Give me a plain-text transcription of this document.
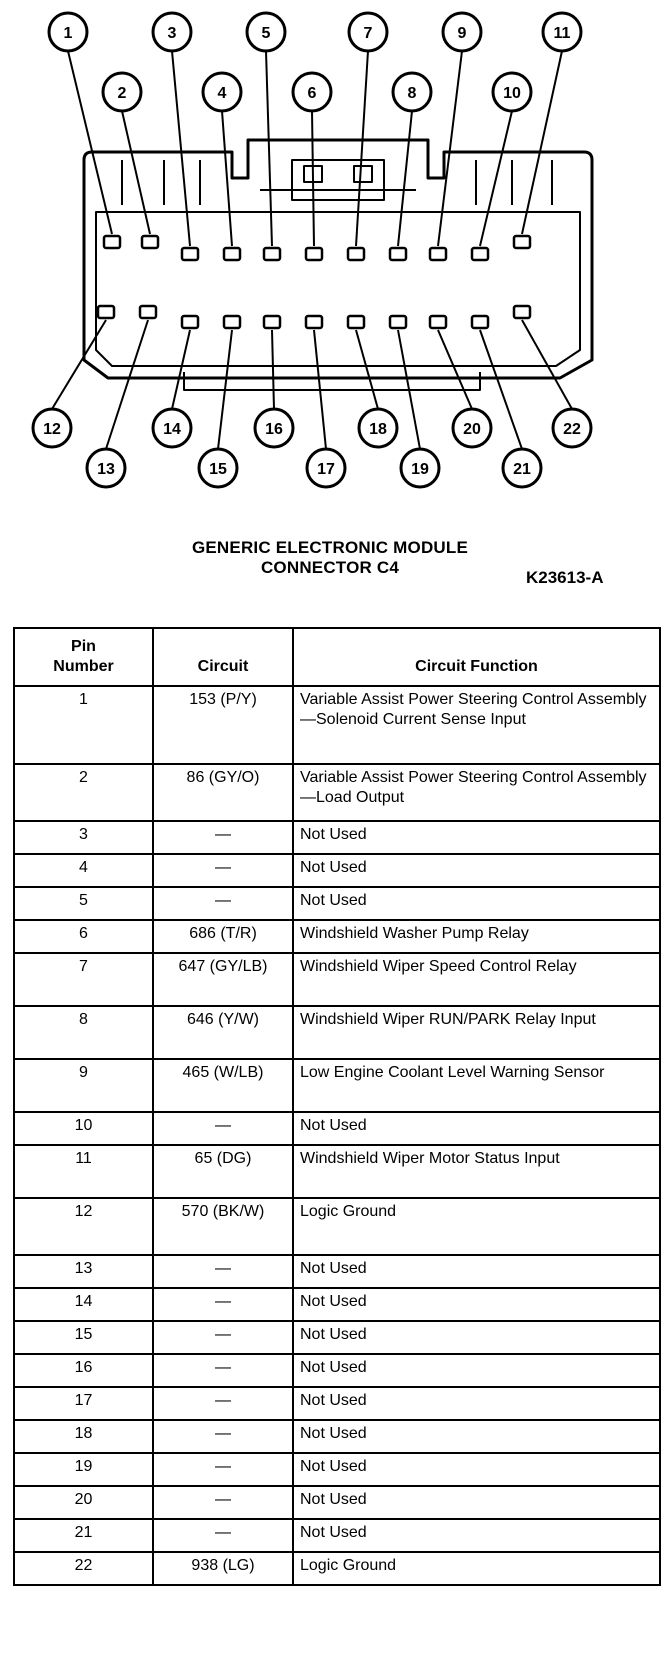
1
2
3
4
5
6
7
8
9
10
11
12
13
14
15
16
17
18
19
20
21
22
GENERIC ELECTRONIC MODULE
CONNECTOR C4
K23613-A
Pin
Number	Circuit	Circuit Function
1	153 (P/Y)	Variable Assist Power Steering Control Assembly—Solenoid Current Sense Input
2	86 (GY/O)	Variable Assist Power Steering Control Assembly—Load Output
3	—	Not Used
4	—	Not Used
5	—	Not Used
6	686 (T/R)	Windshield Washer Pump Relay
7	647 (GY/LB)	Windshield Wiper Speed Control Relay
8	646 (Y/W)	Windshield Wiper RUN/PARK Relay Input
9	465 (W/LB)	Low Engine Coolant Level Warning Sensor
10	—	Not Used
11	65 (DG)	Windshield Wiper Motor Status Input
12	570 (BK/W)	Logic Ground
13	—	Not Used
14	—	Not Used
15	—	Not Used
16	—	Not Used
17	—	Not Used
18	—	Not Used
19	—	Not Used
20	—	Not Used
21	—	Not Used
22	938 (LG)	Logic Ground
